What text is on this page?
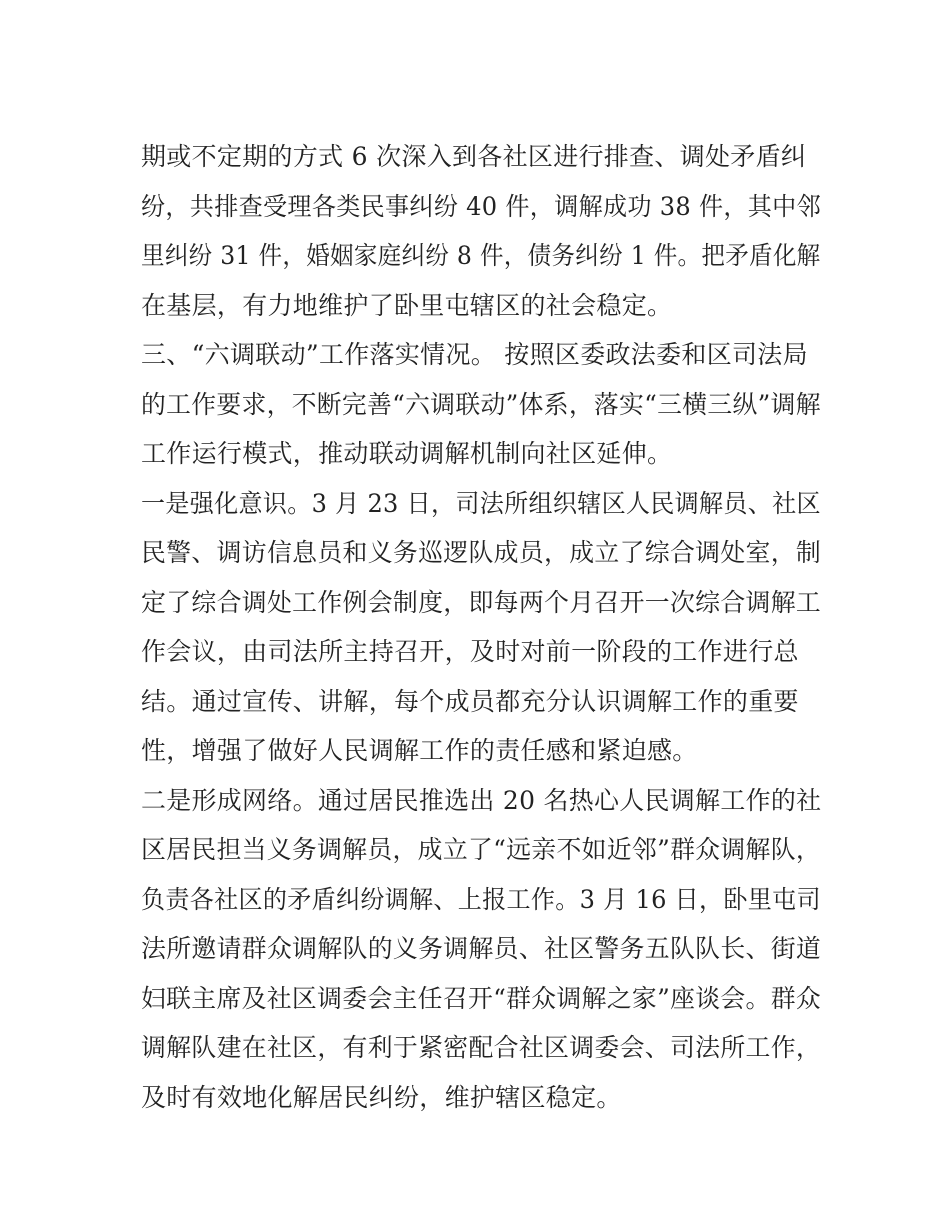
期或不定期的方式 6 次深入到各社区进行排查、调处矛盾纠
纷，共排查受理各类民事纠纷 40 件，调解成功 38 件，其中邻
里纠纷 31 件，婚姻家庭纠纷 8 件，债务纠纷 1 件。把矛盾化解
在基层，有力地维护了卧里屯辖区的社会稳定。
三、“六调联动”工作落实情况。 按照区委政法委和区司法局
的工作要求，不断完善“六调联动”体系，落实“三横三纵”调解
工作运行模式，推动联动调解机制向社区延伸。
一是强化意识。3 月 23 日，司法所组织辖区人民调解员、社区
民警、调访信息员和义务巡逻队成员，成立了综合调处室，制
定了综合调处工作例会制度，即每两个月召开一次综合调解工
作会议，由司法所主持召开，及时对前一阶段的工作进行总
结。通过宣传、讲解，每个成员都充分认识调解工作的重要
性，增强了做好人民调解工作的责任感和紧迫感。
二是形成网络。通过居民推选出 20 名热心人民调解工作的社
区居民担当义务调解员，成立了“远亲不如近邻”群众调解队，
负责各社区的矛盾纠纷调解、上报工作。3 月 16 日，卧里屯司
法所邀请群众调解队的义务调解员、社区警务五队队长、街道
妇联主席及社区调委会主任召开“群众调解之家”座谈会。群众
调解队建在社区，有利于紧密配合社区调委会、司法所工作，
及时有效地化解居民纠纷，维护辖区稳定。
